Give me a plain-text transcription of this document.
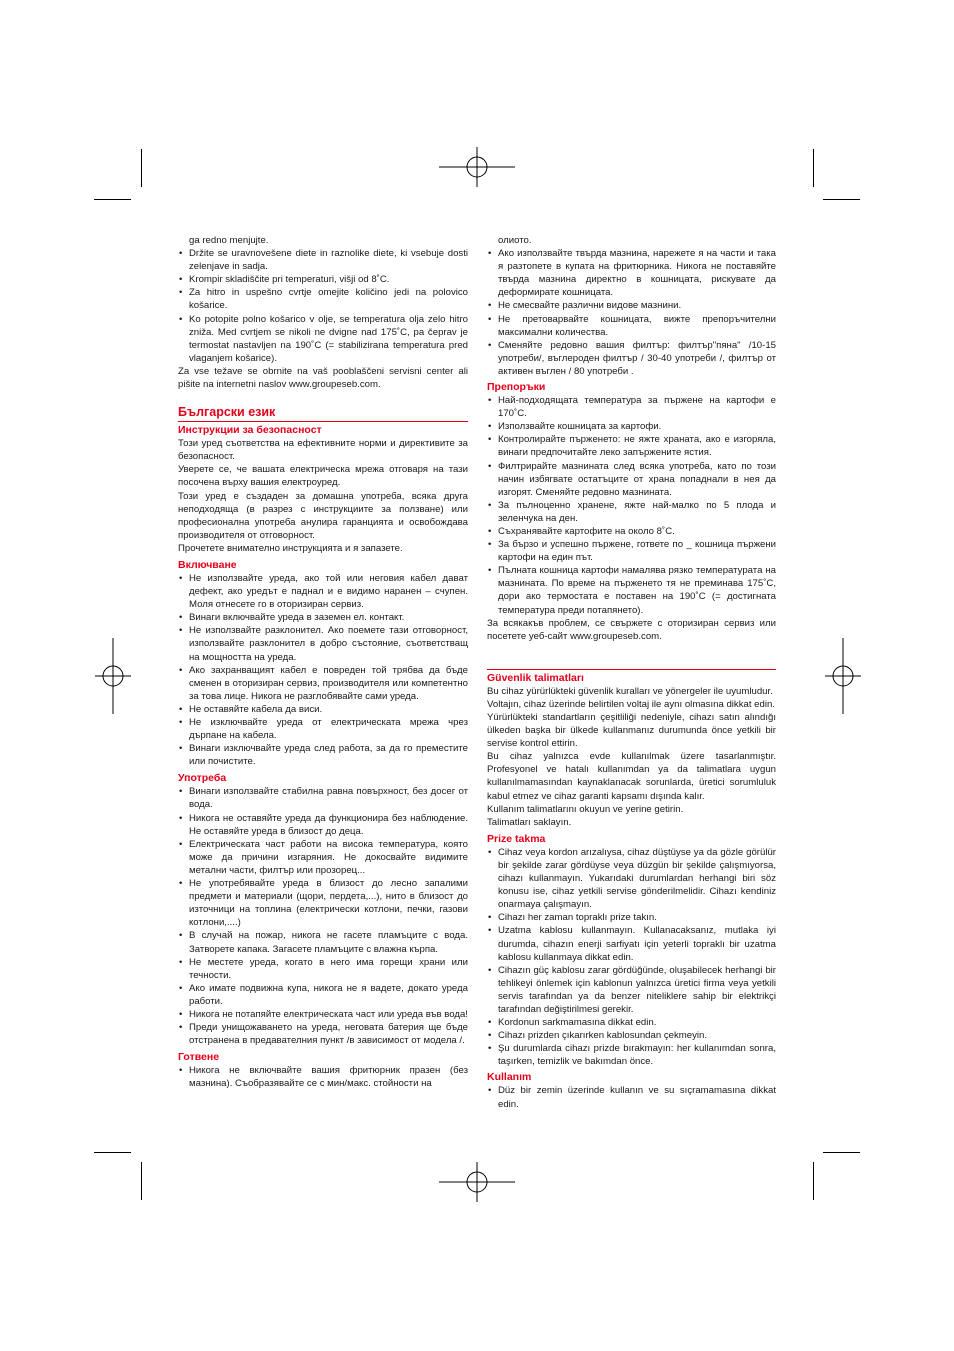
ga redno menjujte.

• Držite se uravnovešene diete in raznolike diete, ki vsebuje dosti zelenjave in sadja.
• Krompir skladiščite pri temperaturi, višji od 8˚C.
• Za hitro in uspešno cvrtje omejite količino jedi na polovico košarice.
• Ko potopite polno košarico v olje, se temperatura olja zelo hitro zniža. Med cvrtjem se nikoli ne dvigne nad 175˚C, pa čeprav je termostat nastavljen na 190˚C (= stabilizirana temperatura pred vlaganjem košarice).

Za vse težave se obrnite na vaš pooblaščeni servisni center ali pišite na internetni naslov www.groupeseb.com.

Български език
Инструкции за безопасност

Този уред съответства на ефективните норми и директивите за безопасност.

Уверете се, че вашата електрическа мрежа отговаря на тази посочена върху вашия електроуред.

Този уред е създаден за домашна употреба, всяка друга неподходяща (в разрез с инструкциите за ползване) или професионална употреба анулира гаранцията и освобождава производителя от отговорност.

Прочетете внимателно инструкцията и я запазете.

Включване
• Не използвайте уреда, ако той или неговия кабел дават дефект, ако уредът е паднал и е видимо наранен – счупен. Моля отнесете го в оторизиран сервиз.
• Винаги включвайте уреда в заземен ел. контакт.
• Не използвайте разклонител. Ако поемете тази отговорност, използвайте разклонител в добро състояние, съответстващ на мощността на уреда.
• Ако захранващият кабел е повреден той трябва да бъде сменен в оторизиран сервиз, производителя или компетентно за това лице. Никога не разглобявайте сами уреда.
• Не оставяйте кабела да виси.
• Не изключвайте уреда от електрическата мрежа чрез дърпане на кабела.
• Винаги изключвайте уреда след работа, за да го преместите или почистите.
Употреба
• Винаги използвайте стабилна равна повърхност, без досег от вода.
• Никога не оставяйте уреда да функционира без наблюдение. Не оставяйте уреда в близост до деца.
• Електрическата част работи на висока температура, която може да причини изгаряния. Не докосвайте видимите метални части, филтър или прозорец...
• Не употребявайте уреда в близост до лесно запалими предмети и материали (щори, пердета,...), нито в близост до източници на топлина (електрически котлони, печки, газови котлони,....)
• В случай на пожар, никога не гасете пламъците с вода. Затворете капака. Загасете пламъците с влажна кърпа.
• Не местете уреда, когато в него има горещи храни или течности.
• Ако имате подвижна купа, никога не я вадете, докато уреда работи.
• Никога не потапяйте електрическата част или уреда във вода!
• Преди унищожаването на уреда, неговата батерия ще бъде отстранена в предавателния пункт /в зависимост от модела /.
Готвене
• Никога не включвайте вашия фритюрник празен (без мазнина). Съобразявайте се с мин/макс. стойности на

олиото.

• Ако използвайте твърда мазнина, нарежете я на части и така я разтопете в купата на фритюрника. Никога не поставяйте твърда мазнина директно в кошницата, рискувате да деформирате кошницата.
• Не смесвайте различни видове мазнини.
• Не претоварвайте кошницата, вижте препоръчителни максимални количества.
• Сменяйте редовно вашия филтър: филтър"пяна" /10-15 употреби/, въглероден филтър / 30-40 употреби /, филтър от активен въглен / 80 употреби .
Препоръки
• Най-подходящата температура за пържене на картофи е 170˚C.
• Използвайте кошницата за картофи.
• Контролирайте пърженето: не яжте храната, ако е изгоряла, винаги предпочитайте леко запържените ястия.
• Филтрирайте мазнината след всяка употреба, като по този начин избягвате остатъците от храна попаднали в нея да изгорят. Сменяйте редовно мазнината.
• За пълноценно хранене, яжте най-малко по 5 плода и зеленчука на ден.
• Съхранявайте картофите на около 8˚C.
• За бързо и успешно пържене, гответе по _ кошница пържени картофи на един път.
• Пълната кошница картофи намалява рязко температурата на мазнината. По време на пърженето тя не преминава 175˚C, дори ако термостата е поставен на 190˚C (= достигната температура преди потапянето).

За всякакъв проблем, се свържете с оторизиран сервиз или посетете уеб-сайт www.groupeseb.com.

Güvenlik talimatları

Bu cihaz yürürlükteki güvenlik kuralları ve yönergeler ile uyumludur.

Voltajın, cihaz üzerinde belirtilen voltaj ile aynı olmasına dikkat edin.

Yürürlükteki standartların çeşitliliği nedeniyle, cihazı satın alındığı ülkeden başka bir ülkede kullanmanız durumunda önce yetkili bir servise kontrol ettirin.

Bu cihaz yalnızca evde kullanılmak üzere tasarlanmıştır. Profesyonel ve hatalı kullanımdan ya da talimatlara uygun kullanılmamasından kaynaklanacak sorunlarda, üretici sorumluluk kabul etmez ve cihaz garanti kapsamı dışında kalır.

Kullanım talimatlarını okuyun ve yerine getirin.

Talimatları saklayın.

Prize takma
• Cihaz veya kordon arızalıysa, cihaz düştüyse ya da gözle görülür bir şekilde zarar gördüyse veya düzgün bir şekilde çalışmıyorsa, cihazı kullanmayın. Yukarıdaki durumlardan herhangi biri söz konusu ise, cihaz yetkili servise gönderilmelidir. Cihazı kendiniz onarmaya çalışmayın.
• Cihazı her zaman topraklı prize takın.
• Uzatma kablosu kullanmayın. Kullanacaksanız, mutlaka iyi durumda, cihazın enerji sarfiyatı için yeterli topraklı bir uzatma kablosu kullanmaya dikkat edin.
• Cihazın güç kablosu zarar gördüğünde, oluşabilecek herhangi bir tehlikeyi önlemek için kablonun yalnızca üretici firma veya yetkili servis tarafından ya da benzer niteliklere sahip bir elektrikçi tarafından değiştirilmesi gerekir.
• Kordonun sarkmamasına dikkat edin.
• Cihazı prizden çıkarırken kablosundan çekmeyin.
• Şu durumlarda cihazı prizde bırakmayın: her kullanımdan sonra, taşırken, temizlik ve bakımdan önce.
Kullanım
• Düz bir zemin üzerinde kullanın ve su sıçramamasına dikkat edin.
